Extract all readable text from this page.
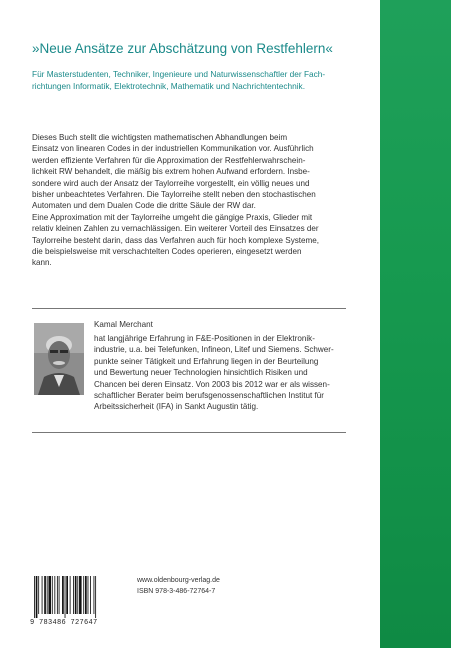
»Neue Ansätze zur Abschätzung von Restfehlern«
Für Masterstudenten, Techniker, Ingenieure und Naturwissenschaftler der Fach-
richtungen Informatik, Elektrotechnik, Mathematik und Nachrichtentechnik.
Dieses Buch stellt die wichtigsten mathematischen Abhandlungen beim
Einsatz von linearen Codes in der industriellen Kommunikation vor. Ausführlich
werden effiziente Verfahren für die Approximation der Restfehlerwahrschein-
lichkeit RW behandelt, die mäßig bis extrem hohen Aufwand erfordern. Insbe-
sondere wird auch der Ansatz der Taylorreihe vorgestellt, ein völlig neues und
bisher unbeachtetes Verfahren. Die Taylorreihe stellt neben den stochastischen
Automaten und dem Dualen Code die dritte Säule der RW dar.
Eine Approximation mit der Taylorreihe umgeht die gängige Praxis, Glieder mit
relativ kleinen Zahlen zu vernachlässigen. Ein weiterer Vorteil des Einsatzes der
Taylorreihe besteht darin, dass das Verfahren auch für hoch komplexe Systeme,
die beispielsweise mit verschachtelten Codes operieren, eingesetzt werden
kann.
Kamal Merchant
hat langjährige Erfahrung in F&E-Positionen in der Elektronik-
industrie, u.a. bei Telefunken, Infineon, Litef und Siemens. Schwer-
punkte seiner Tätigkeit und Erfahrung liegen in der Beurteilung
und Bewertung neuer Technologien hinsichtlich Risiken und
Chancen bei deren Einsatz. Von 2003 bis 2012 war er als wissen-
schaftlicher Berater beim berufsgenossenschaftlichen Institut für
Arbeitssicherheit (IFA) in Sankt Augustin tätig.
9 783486 727647
www.oldenbourg-verlag.de
ISBN 978-3-486-72764-7
